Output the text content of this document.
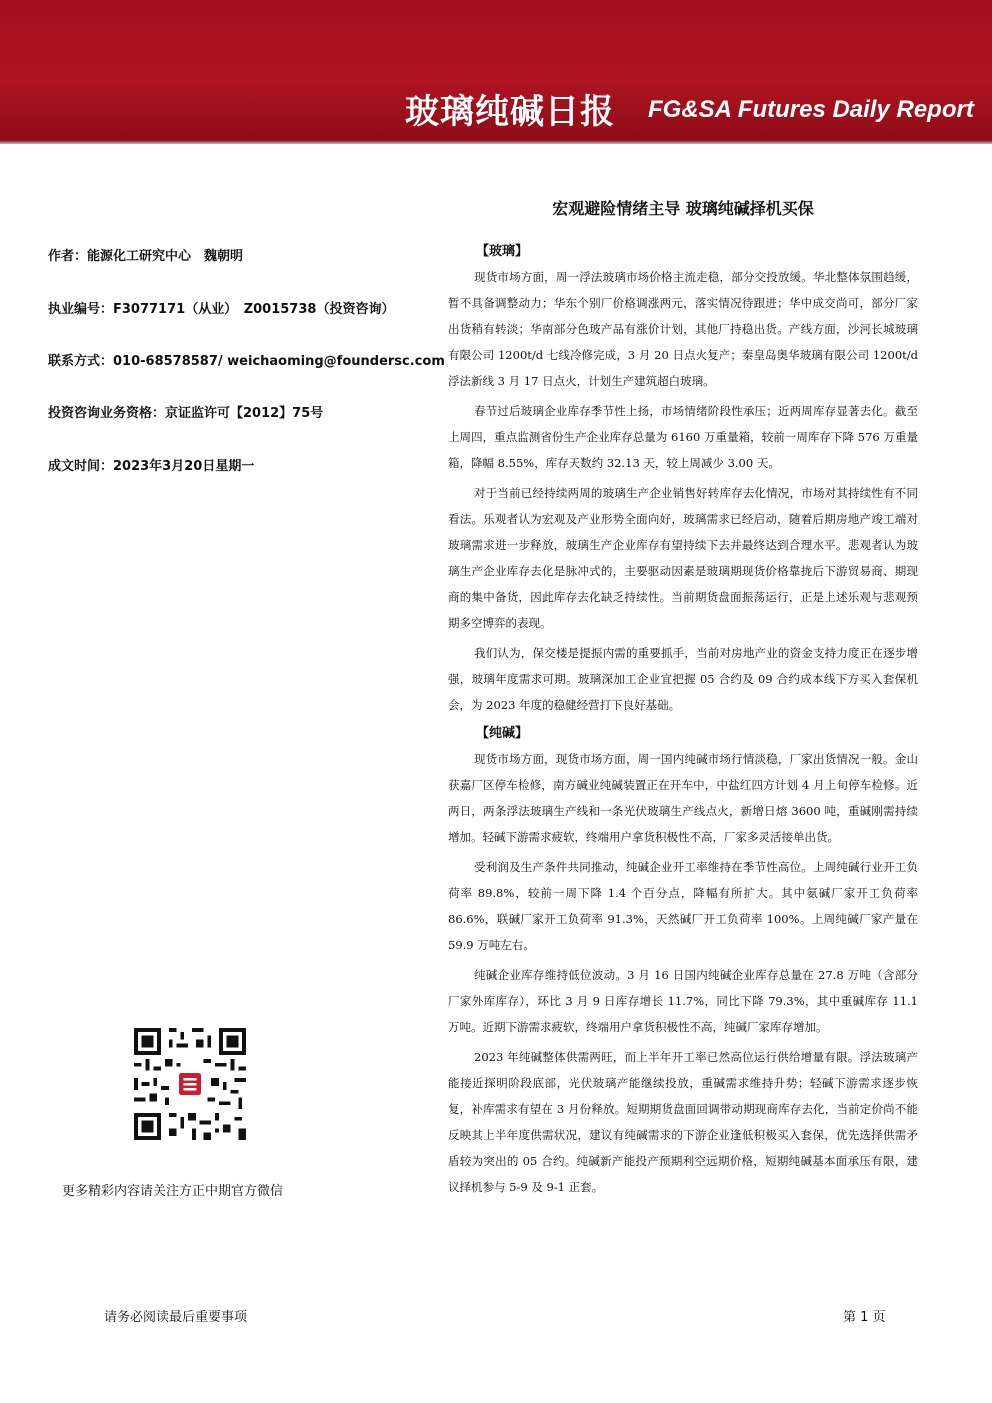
玻璃纯碱日报 FG&SA Futures Daily Report
宏观避险情绪主导 玻璃纯碱择机买保
作者：能源化工研究中心　魏朝明
执业编号：F3077171（从业）　Z0015738（投资咨询）
联系方式：010-68578587/ weichaoming@foundersc.com
投资咨询业务资格：京证监许可【2012】75号
成文时间：2023年3月20日星期一
更多精彩内容请关注方正中期官方微信

【玻璃】

现货市场方面，周一浮法玻璃市场价格主流走稳，部分交投放缓。华北整体氛围趋缓，暂不具备调整动力；华东个别厂价格调涨两元，落实情况待跟进；华中成交尚可，部分厂家出货稍有转淡；华南部分色玻产品有涨价计划，其他厂持稳出货。产线方面，沙河长城玻璃有限公司 1200t/d 七线冷修完成，3 月 20 日点火复产；秦皇岛奥华玻璃有限公司 1200t/d 浮法新线 3 月 17 日点火，计划生产建筑超白玻璃。

春节过后玻璃企业库存季节性上扬，市场情绪阶段性承压；近两周库存显著去化。截至上周四，重点监测省份生产企业库存总量为 6160 万重量箱，较前一周库存下降 576 万重量箱，降幅 8.55%，库存天数约 32.13 天，较上周减少 3.00 天。

对于当前已经持续两周的玻璃生产企业销售好转库存去化情况，市场对其持续性有不同看法。乐观者认为宏观及产业形势全面向好，玻璃需求已经启动，随着后期房地产竣工端对玻璃需求进一步释放，玻璃生产企业库存有望持续下去并最终达到合理水平。悲观者认为玻璃生产企业库存去化是脉冲式的，主要驱动因素是玻璃期现货价格靠拢后下游贸易商、期现商的集中备货，因此库存去化缺乏持续性。当前期货盘面振荡运行，正是上述乐观与悲观预期多空博弈的表现。

我们认为，保交楼是提振内需的重要抓手，当前对房地产业的资金支持力度正在逐步增强，玻璃年度需求可期。玻璃深加工企业宜把握 05 合约及 09 合约成本线下方买入套保机会，为 2023 年度的稳健经营打下良好基础。

【纯碱】

现货市场方面，现货市场方面，周一国内纯碱市场行情淡稳，厂家出货情况一般。金山获嘉厂区停车检修，南方碱业纯碱装置正在开车中，中盐红四方计划 4 月上旬停车检修。近两日，两条浮法玻璃生产线和一条光伏玻璃生产线点火，新增日熔 3600 吨，重碱刚需持续增加。轻碱下游需求疲软，终端用户拿货积极性不高，厂家多灵活接单出货。

受利润及生产条件共同推动，纯碱企业开工率维持在季节性高位。上周纯碱行业开工负荷率 89.8%，较前一周下降 1.4 个百分点，降幅有所扩大。其中氨碱厂家开工负荷率 86.6%，联碱厂家开工负荷率 91.3%，天然碱厂开工负荷率 100%。上周纯碱厂家产量在 59.9 万吨左右。

纯碱企业库存维持低位波动。3 月 16 日国内纯碱企业库存总量在 27.8 万吨（含部分厂家外库库存），环比 3 月 9 日库存增长 11.7%，同比下降 79.3%，其中重碱库存 11.1 万吨。近期下游需求疲软，终端用户拿货积极性不高，纯碱厂家库存增加。

2023 年纯碱整体供需两旺，而上半年开工率已然高位运行供给增量有限。浮法玻璃产能接近探明阶段底部，光伏玻璃产能继续投放，重碱需求维持升势；轻碱下游需求逐步恢复，补库需求有望在 3 月份释放。短期期货盘面回调带动期现商库存去化，当前定价尚不能反映其上半年度供需状况，建议有纯碱需求的下游企业逢低积极买入套保，优先选择供需矛盾较为突出的 05 合约。纯碱新产能投产预期利空远期价格，短期纯碱基本面承压有限，建议择机参与 5-9 及 9-1 正套。

请务必阅读最后重要事项	第 1 页
